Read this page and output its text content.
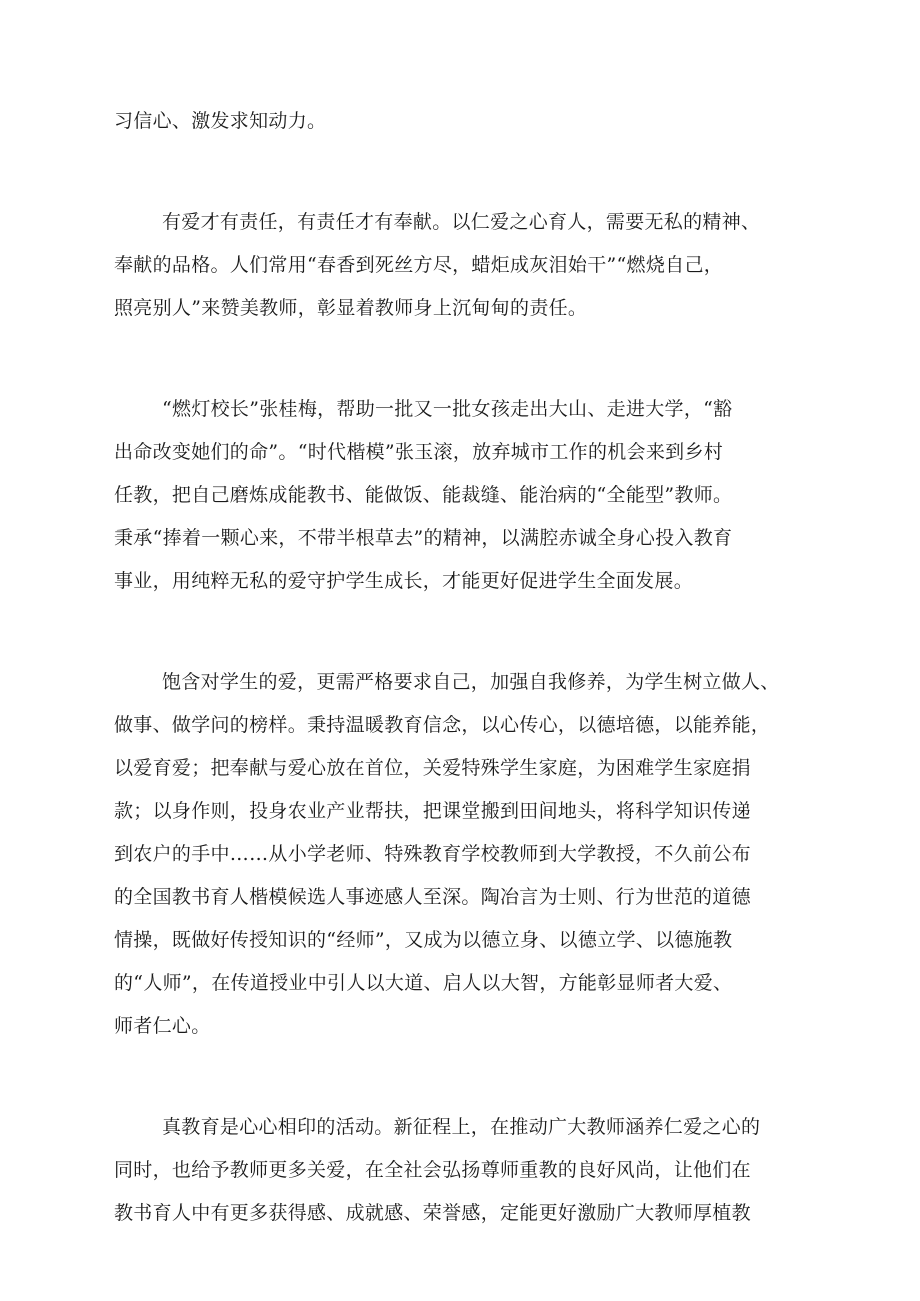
习信心、激发求知动力。
有爱才有责任，有责任才有奉献。以仁爱之心育人，需要无私的精神、
奉献的品格。人们常用“春香到死丝方尽，蜡炬成灰泪始干”“燃烧自己，
照亮别人”来赞美教师，彰显着教师身上沉甸甸的责任。
“燃灯校长”张桂梅，帮助一批又一批女孩走出大山、走进大学，“豁
出命改变她们的命”。“时代楷模”张玉滚，放弃城市工作的机会来到乡村
任教，把自己磨炼成能教书、能做饭、能裁缝、能治病的“全能型”教师。
秉承“捧着一颗心来，不带半根草去”的精神，以满腔赤诚全身心投入教育
事业，用纯粹无私的爱守护学生成长，才能更好促进学生全面发展。
饱含对学生的爱，更需严格要求自己，加强自我修养，为学生树立做人、
做事、做学问的榜样。秉持温暖教育信念，以心传心，以德培德，以能养能，
以爱育爱；把奉献与爱心放在首位，关爱特殊学生家庭，为困难学生家庭捐
款；以身作则，投身农业产业帮扶，把课堂搬到田间地头，将科学知识传递
到农户的手中……从小学老师、特殊教育学校教师到大学教授，不久前公布
的全国教书育人楷模候选人事迹感人至深。陶冶言为士则、行为世范的道德
情操，既做好传授知识的“经师”，又成为以德立身、以德立学、以德施教
的“人师”，在传道授业中引人以大道、启人以大智，方能彰显师者大爱、
师者仁心。
真教育是心心相印的活动。新征程上，在推动广大教师涵养仁爱之心的
同时，也给予教师更多关爱，在全社会弘扬尊师重教的良好风尚，让他们在
教书育人中有更多获得感、成就感、荣誉感，定能更好激励广大教师厚植教
